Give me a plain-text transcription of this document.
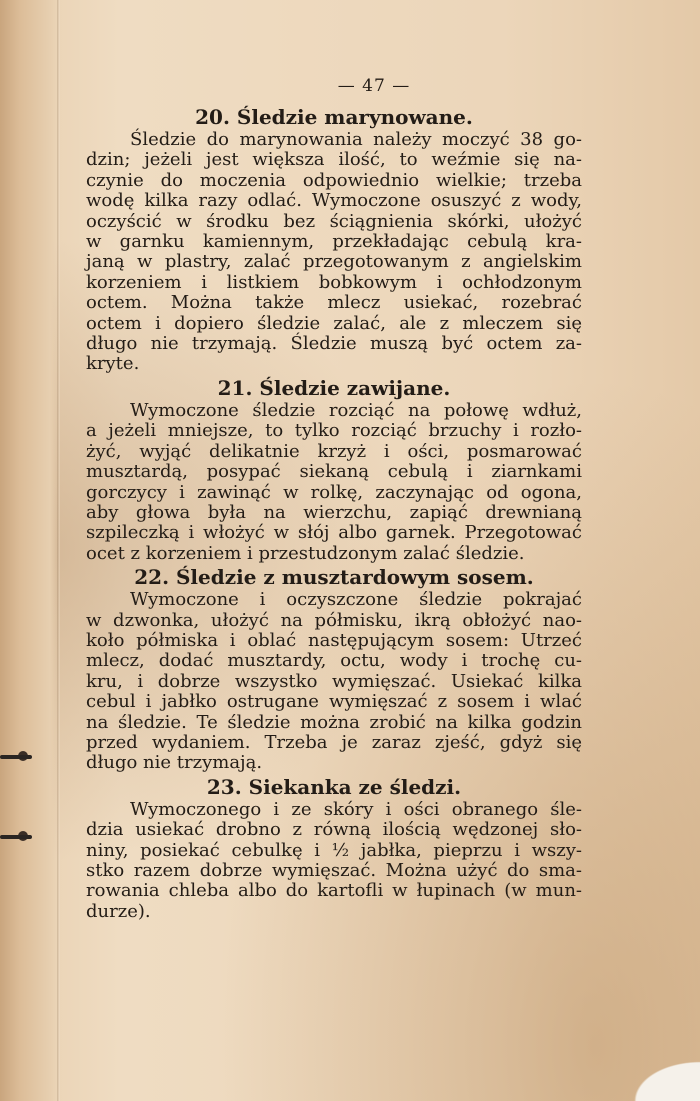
— 47 —
20. Śledzie marynowane.
Śledzie do marynowania należy moczyć 38 go-
dzin; jeżeli jest większa ilość, to weźmie się na-
czynie do moczenia odpowiednio wielkie; trzeba
wodę kilka razy odlać. Wymoczone osuszyć z wody,
oczyścić w środku bez ściągnienia skórki, ułożyć
w garnku kamiennym, przekładając cebulą kra-
janą w plastry, zalać przegotowanym z angielskim
korzeniem i listkiem bobkowym i ochłodzonym
octem. Można także mlecz usiekać, rozebrać
octem i dopiero śledzie zalać, ale z mleczem się
długo nie trzymają. Śledzie muszą być octem za-
kryte.
21. Śledzie zawijane.
Wymoczone śledzie rozciąć na połowę wdłuż,
a jeżeli mniejsze, to tylko rozciąć brzuchy i rozło-
żyć, wyjąć delikatnie krzyż i ości, posmarować
musztardą, posypać siekaną cebulą i ziarnkami
gorczycy i zawinąć w rolkę, zaczynając od ogona,
aby głowa była na wierzchu, zapiąć drewnianą
szpileczką i włożyć w słój albo garnek. Przegotować
ocet z korzeniem i przestudzonym zalać śledzie.
22. Śledzie z musztardowym sosem.
Wymoczone i oczyszczone śledzie pokrajać
w dzwonka, ułożyć na półmisku, ikrą obłożyć nao-
koło półmiska i oblać następującym sosem: Utrzeć
mlecz, dodać musztardy, octu, wody i trochę cu-
kru, i dobrze wszystko wymięszać. Usiekać kilka
cebul i jabłko ostrugane wymięszać z sosem i wlać
na śledzie. Te śledzie można zrobić na kilka godzin
przed wydaniem. Trzeba je zaraz zjeść, gdyż się
długo nie trzymają.
23. Siekanka ze śledzi.
Wymoczonego i ze skóry i ości obranego śle-
dzia usiekać drobno z równą ilością wędzonej sło-
niny, posiekać cebulkę i ½ jabłka, pieprzu i wszy-
stko razem dobrze wymięszać. Można użyć do sma-
rowania chleba albo do kartofli w łupinach (w mun-
durze).
